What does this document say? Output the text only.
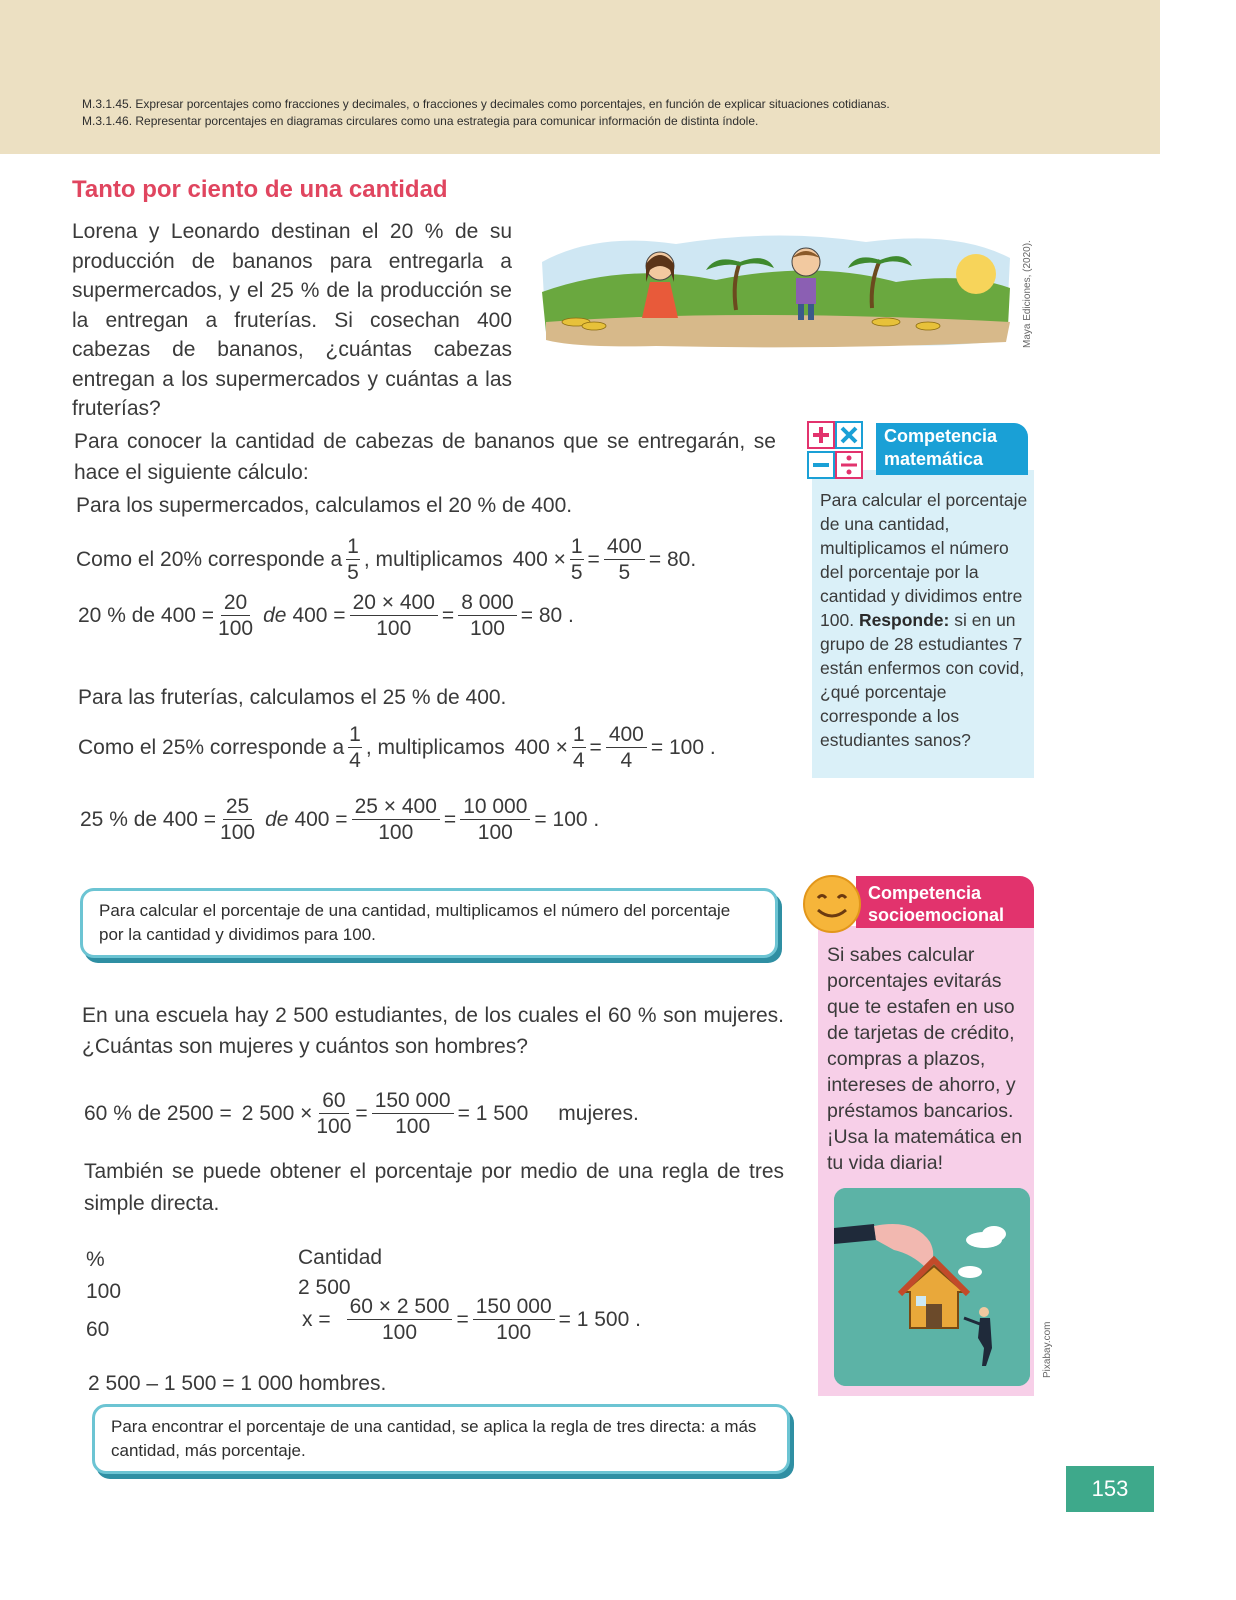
M.3.1.45. Expresar porcentajes como fracciones y decimales, o fracciones y decimales como porcentajes, en función de explicar situaciones cotidianas.
M.3.1.46. Representar porcentajes en diagramas circulares como una estrategia para comunicar información de distinta índole.
Tanto por ciento de una cantidad
Lorena y Leonardo destinan el 20 % de su producción de bananos para entregarla a supermercados, y el 25 % de la producción se la entregan a fruterías. Si cosechan 400 cabezas de bananos, ¿cuántas cabezas entregan a los supermercados y cuántas a las fruterías?
Maya Ediciones, (2020).
Para conocer la cantidad de cabezas de bananos que se entregarán, se hace el siguiente cálculo:
Para los supermercados, calculamos el 20 % de 400.
Como el 20% corresponde a $\frac{1}{5}$ , multiplicamos $400 \times \frac{1}{5} = \frac{400}{5} = 80$.
20 % de $400 = \frac{20}{100}$ de $400 = \frac{20 \times 400}{100} = \frac{8 000}{100} = 80$ .
Para las fruterías, calculamos el 25 % de 400.
Como el 25% corresponde a $\frac{1}{4}$ , multiplicamos $400 \times \frac{1}{4} = \frac{400}{4} = 100$ .
25 % de $400 = \frac{25}{100}$ de $400 = \frac{25 \times 400}{100} = \frac{10 000}{100} = 100$ .
Para calcular el porcentaje de una cantidad, multiplicamos el número del porcentaje por la cantidad y dividimos para 100.
En una escuela hay 2 500 estudiantes, de los cuales el 60 % son mujeres. ¿Cuántas son mujeres y cuántos son hombres?
60 % de 2500 = 2 $500 \times \frac{60}{100} = \frac{150 000}{100} = 1$ 500 mujeres.
También se puede obtener el porcentaje por medio de una regla de tres simple directa.
%	Cantidad
100	2 500
60	$x = \frac{60 \times 2 500}{100} = \frac{150 000}{100} = 1$ 500 .
2 500 – 1 500 = 1 000 hombres.
Para encontrar el porcentaje de una cantidad, se aplica la regla de tres directa: a más cantidad, más porcentaje.
Competencia
matemática
Para calcular el porcentaje de una cantidad, multiplicamos el número del porcentaje por la cantidad y dividimos entre 100. Responde: si en un grupo de 28 estudiantes 7 están enfermos con covid, ¿qué porcentaje corresponde a los estudiantes sanos?
Competencia
socioemocional
Si sabes calcular porcentajes evitarás que te estafen en uso de tarjetas de crédito, compras a plazos, intereses de ahorro, y préstamos bancarios. ¡Usa la matemática en tu vida diaria!
Pixabay.com
153
